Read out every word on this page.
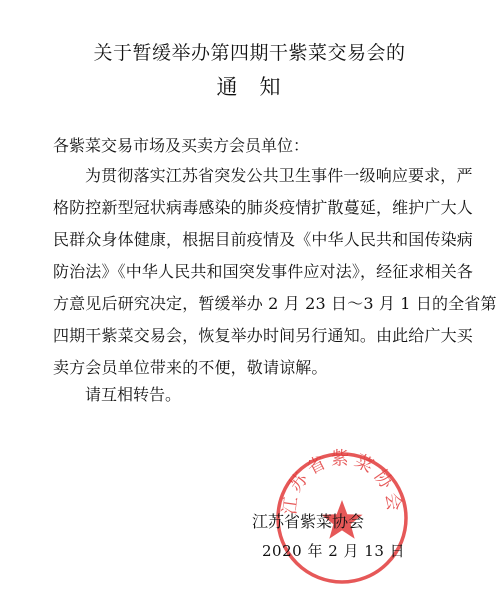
关于暂缓举办第四期干紫菜交易会的
通知
各紫菜交易市场及买卖方会员单位：
为贯彻落实江苏省突发公共卫生事件一级响应要求，严
格防控新型冠状病毒感染的肺炎疫情扩散蔓延，维护广大人
民群众身体健康，根据目前疫情及《中华人民共和国传染病
防治法》《中华人民共和国突发事件应对法》，经征求相关各
方意见后研究决定，暂缓举办 2 月 23 日～3 月 1 日的全省第
四期干紫菜交易会，恢复举办时间另行通知。由此给广大买
卖方会员单位带来的不便，敬请谅解。
请互相转告。
江苏省紫菜协会
江苏省紫菜协会
2020 年 2 月 13 日
